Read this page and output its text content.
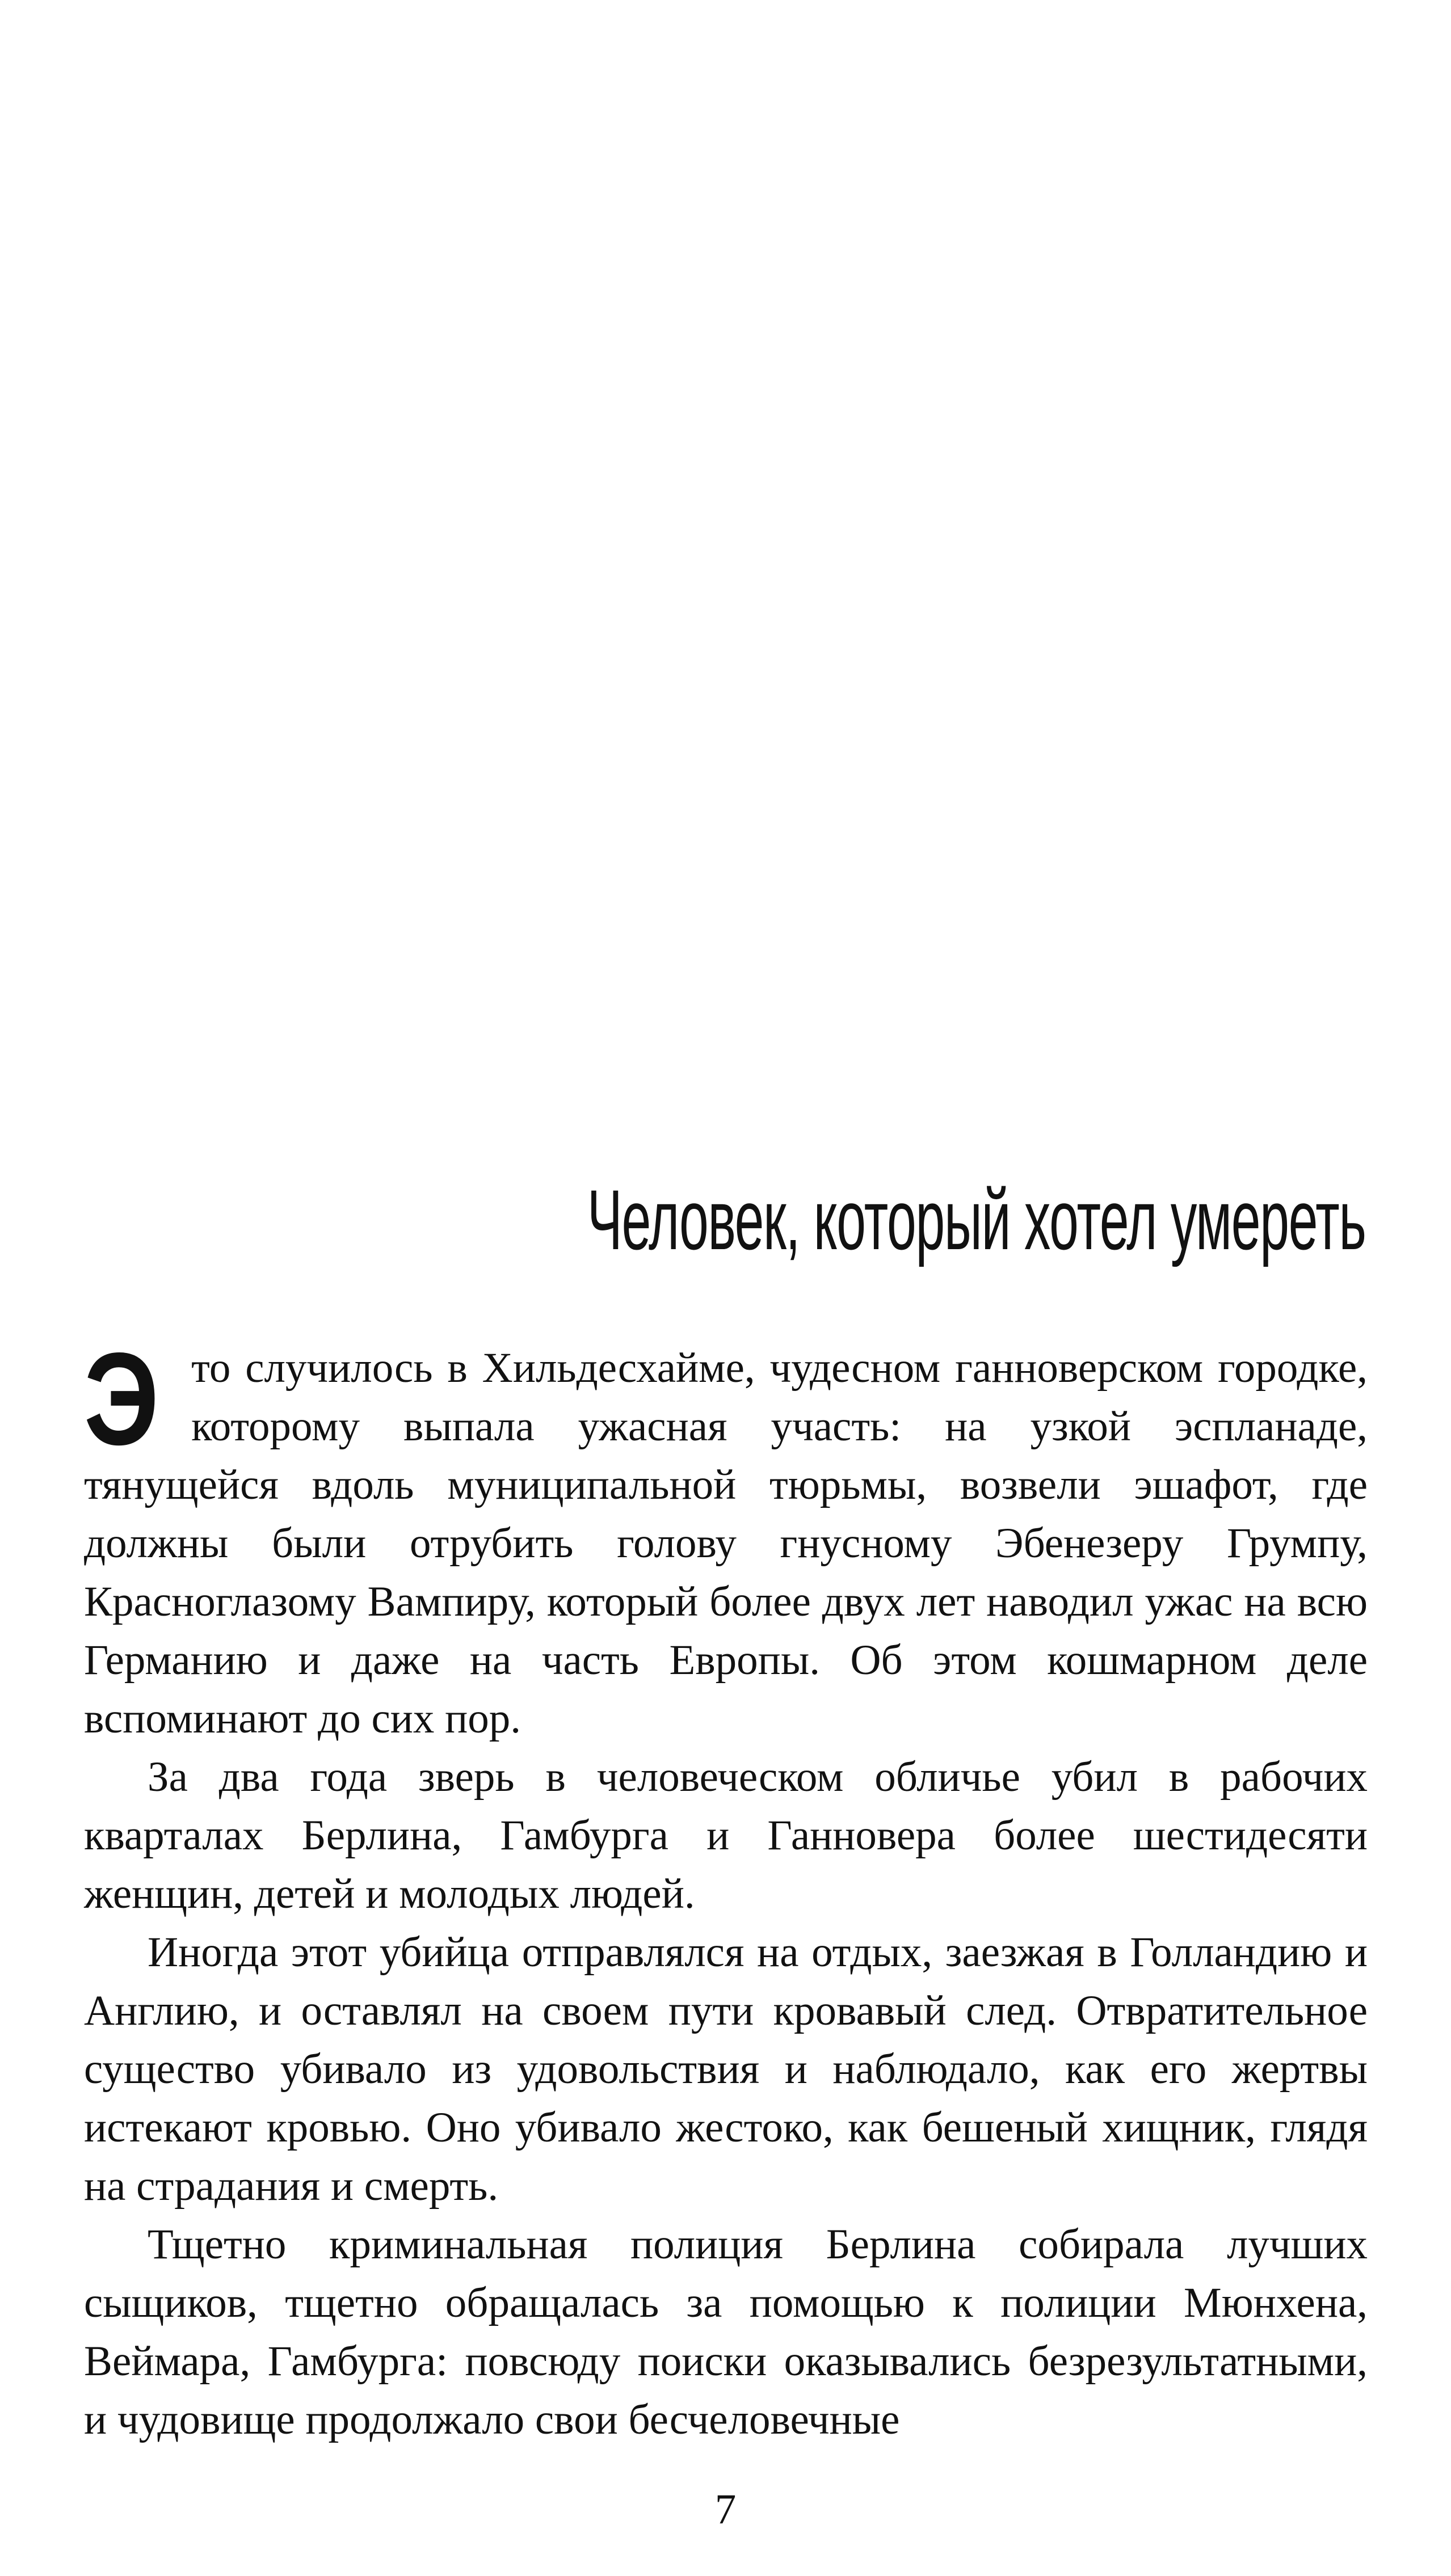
Человек, который хотел умереть

Это случилось в Хильдесхайме, чудесном ганноверском городке, которому выпала ужасная участь: на узкой эспланаде, тянущейся вдоль муниципальной тюрьмы, возвели эшафот, где должны были отрубить голову гнусному Эбенезеру Грумпу, Красноглазому Вампиру, который более двух лет наводил ужас на всю Германию и даже на часть Европы. Об этом кошмарном деле вспоминают до сих пор.

За два года зверь в человеческом обличье убил в рабочих кварталах Берлина, Гамбурга и Ганновера более шестидесяти женщин, детей и молодых людей.

Иногда этот убийца отправлялся на отдых, заезжая в Голландию и Англию, и оставлял на своем пути кровавый след. Отвратительное существо убивало из удовольствия и наблюдало, как его жертвы истекают кровью. Оно убивало жестоко, как бешеный хищник, глядя на страдания и смерть.

Тщетно криминальная полиция Берлина собирала лучших сыщиков, тщетно обращалась за помощью к полиции Мюнхена, Веймара, Гамбурга: повсюду поиски оказывались безрезультатными, и чудовище продолжало свои бесчеловечные

7
